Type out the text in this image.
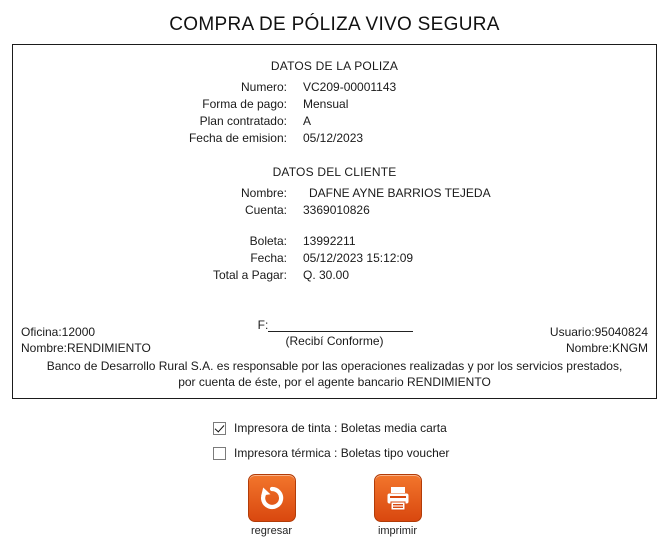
COMPRA DE PÓLIZA VIVO SEGURA
DATOS DE LA POLIZA
Numero:	VC209-00001143
Forma de pago:	Mensual
Plan contratado:	A
Fecha de emision:	05/12/2023
DATOS DEL CLIENTE
Nombre:	DAFNE AYNE BARRIOS TEJEDA
Cuenta:	3369010826
Boleta:	13992211
Fecha:	05/12/2023 15:12:09
Total a Pagar:	Q. 30.00
F:
(Recibí Conforme)
Oficina:12000	Usuario:95040824
Nombre:RENDIMIENTO	Nombre:KNGM
Banco de Desarrollo Rural S.A. es responsable por las operaciones realizadas y por los servicios prestados, por cuenta de éste, por el agente bancario RENDIMIENTO
Impresora de tinta : Boletas media carta
Impresora térmica : Boletas tipo voucher
regresar	imprimir
